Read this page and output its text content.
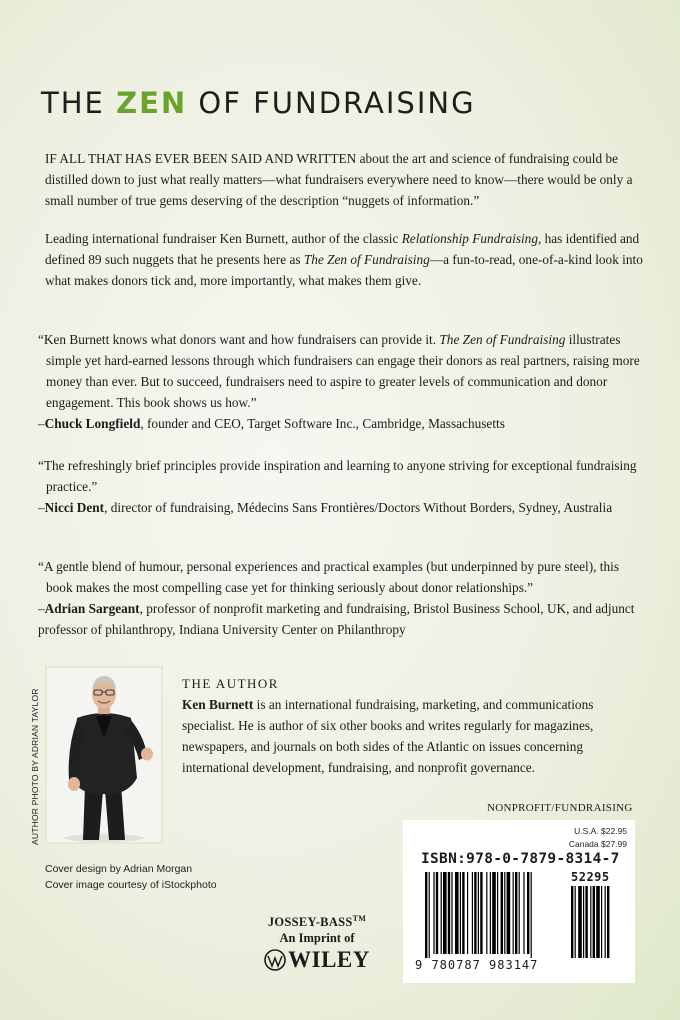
THE ZEN OF FUNDRAISING

IF ALL THAT HAS EVER BEEN SAID AND WRITTEN about the art and science of fundraising could be distilled down to just what really matters—what fundraisers everywhere need to know—there would be only a small number of true gems deserving of the description “nuggets of information.”

Leading international fundraiser Ken Burnett, author of the classic Relationship Fundraising, has identified and defined 89 such nuggets that he presents here as The Zen of Fundraising—a fun-to-read, one-of-a-kind look into what makes donors tick and, more importantly, what makes them give.

“Ken Burnett knows what donors want and how fundraisers can provide it. The Zen of Fundraising illustrates simple yet hard-earned lessons through which fundraisers can engage their donors as real partners, raising more money than ever. But to succeed, fundraisers need to aspire to greater levels of communication and donor engagement. This book shows us how.”

–Chuck Longfield, founder and CEO, Target Software Inc., Cambridge, Massachusetts

“The refreshingly brief principles provide inspiration and learning to anyone striving for exceptional fundraising practice.”

–Nicci Dent, director of fundraising, Médecins Sans Frontières/Doctors Without Borders, Sydney, Australia

“A gentle blend of humour, personal experiences and practical examples (but underpinned by pure steel), this book makes the most compelling case yet for thinking seriously about donor relationships.”

–Adrian Sargeant, professor of nonprofit marketing and fundraising, Bristol Business School, UK, and adjunct professor of philanthropy, Indiana University Center on Philanthropy

AUTHOR PHOTO BY ADRIAN TAYLOR
THE AUTHOR

Ken Burnett is an international fundraising, marketing, and communications specialist. He is author of six other books and writes regularly for magazines, newspapers, and journals on both sides of the Atlantic on issues concerning international development, fundraising, and nonprofit governance.

NONPROFIT/FUNDRAISING
Cover design by Adrian Morgan
Cover image courtesy of iStockphoto
JOSSEY-BASS™
An Imprint of
WILEY
U.S.A. $22.95
Canada $27.99
ISBN:978-0-7879-8314-7
52295
9 780787 983147
